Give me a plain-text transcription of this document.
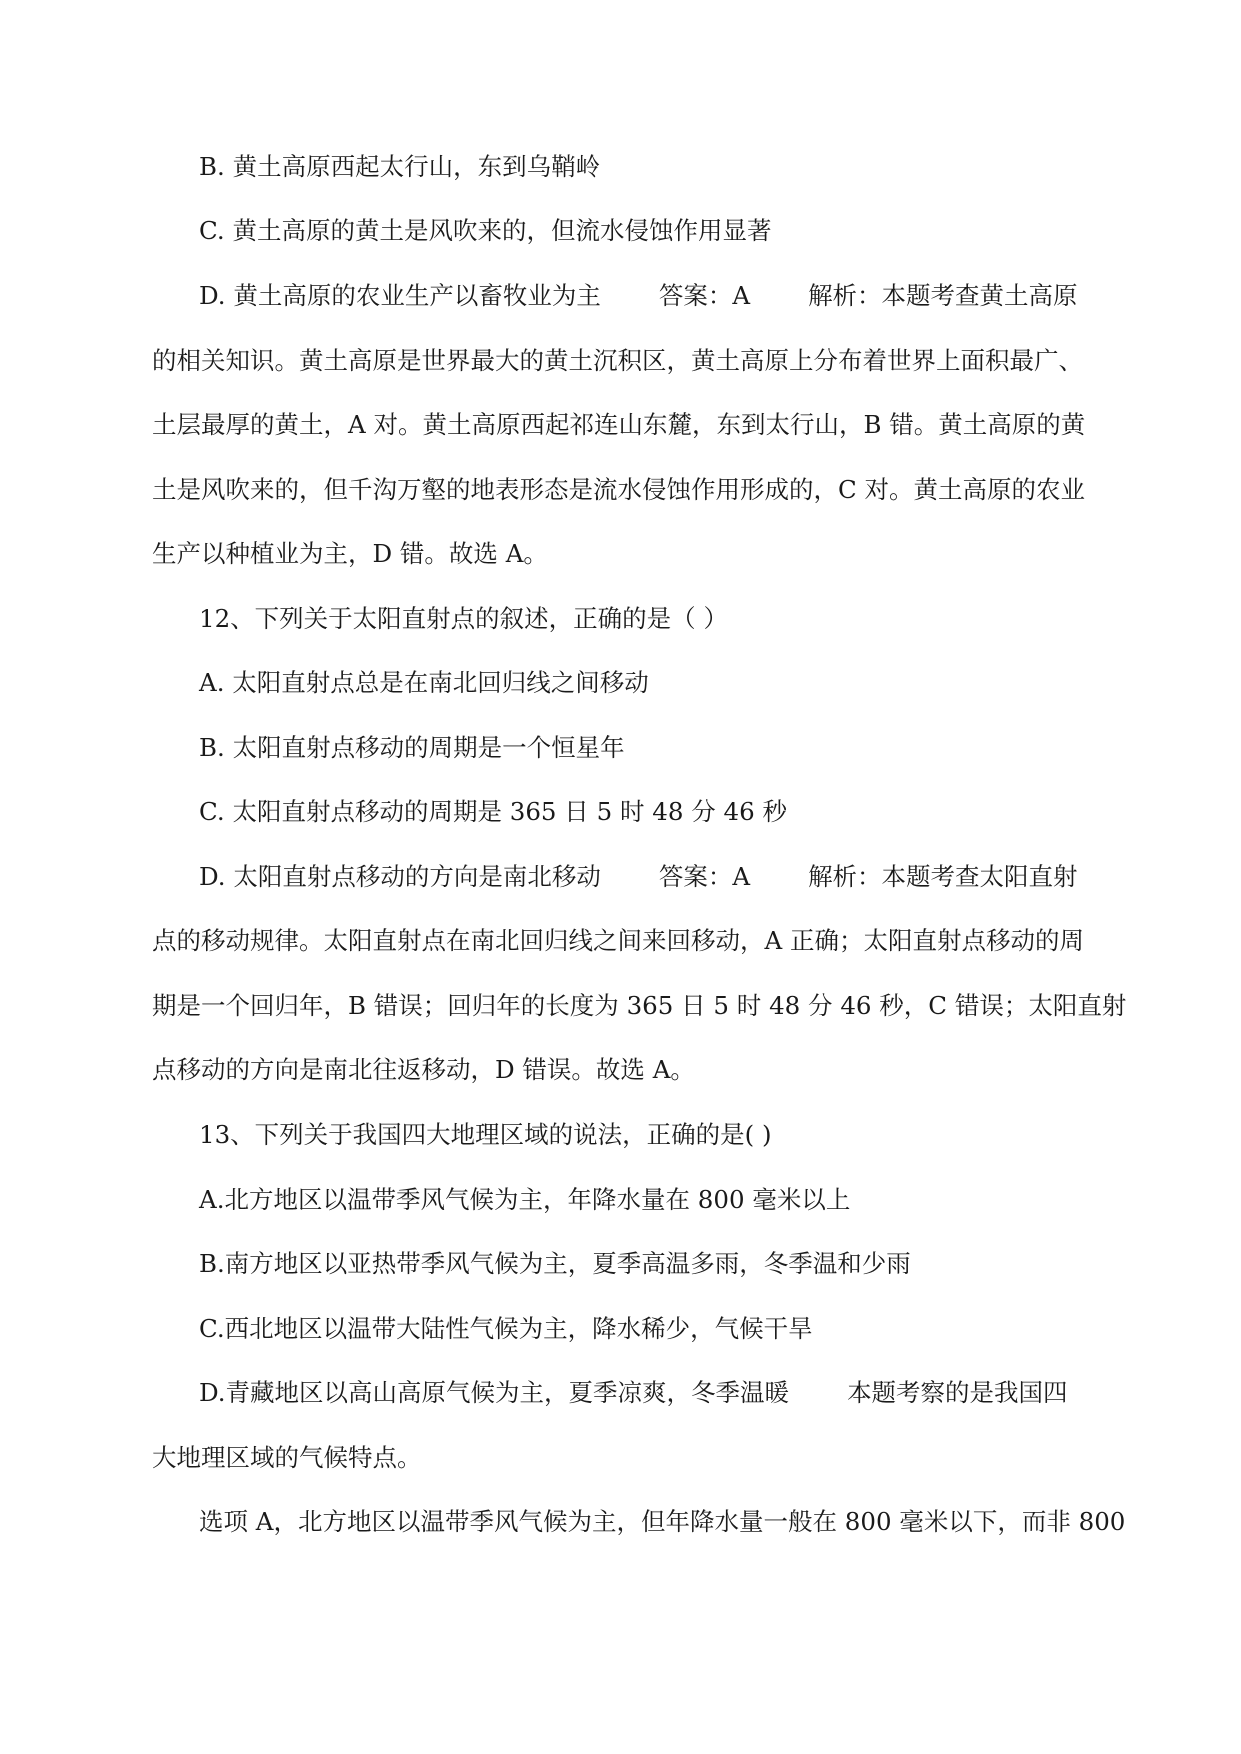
B. 黄土高原西起太行山，东到乌鞘岭
C. 黄土高原的黄土是风吹来的，但流水侵蚀作用显著
D. 黄土高原的农业生产以畜牧业为主 答案：A 解析：本题考查黄土高原
的相关知识。黄土高原是世界最大的黄土沉积区，黄土高原上分布着世界上面积最广、
土层最厚的黄土，A 对。黄土高原西起祁连山东麓，东到太行山，B 错。黄土高原的黄
土是风吹来的，但千沟万壑的地表形态是流水侵蚀作用形成的，C 对。黄土高原的农业
生产以种植业为主，D 错。故选 A。
12、下列关于太阳直射点的叙述，正确的是（ ）
A. 太阳直射点总是在南北回归线之间移动
B. 太阳直射点移动的周期是一个恒星年
C. 太阳直射点移动的周期是 365 日 5 时 48 分 46 秒
D. 太阳直射点移动的方向是南北移动 答案：A 解析：本题考查太阳直射
点的移动规律。太阳直射点在南北回归线之间来回移动，A 正确；太阳直射点移动的周
期是一个回归年，B 错误；回归年的长度为 365 日 5 时 48 分 46 秒，C 错误；太阳直射
点移动的方向是南北往返移动，D 错误。故选 A。
13、下列关于我国四大地理区域的说法，正确的是( )
A.北方地区以温带季风气候为主，年降水量在 800 毫米以上
B.南方地区以亚热带季风气候为主，夏季高温多雨，冬季温和少雨
C.西北地区以温带大陆性气候为主，降水稀少，气候干旱
D.青藏地区以高山高原气候为主，夏季凉爽，冬季温暖 本题考察的是我国四
大地理区域的气候特点。
选项 A，北方地区以温带季风气候为主，但年降水量一般在 800 毫米以下，而非 800
